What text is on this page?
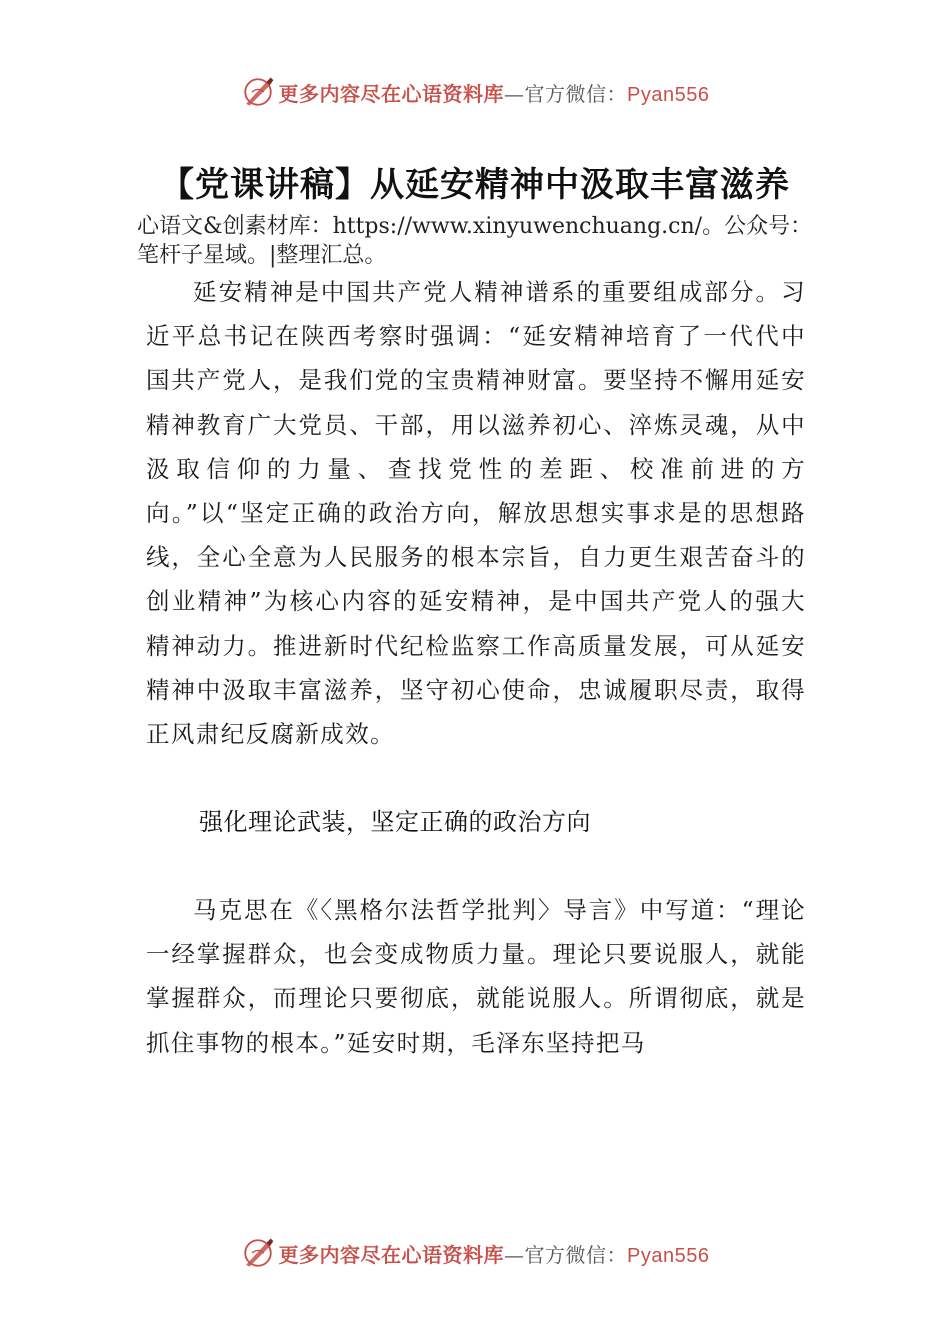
更多内容尽在心语资料库 — 官方微信： Pyan556
【党课讲稿】从延安精神中汲取丰富滋养
心语文&创素材库：https://www.xinyuwenchuang.cn/。公众号：笔杆子星域。|整理汇总。
延安精神是中国共产党人精神谱系的重要组成部分。习近平总书记在陕西考察时强调：“延安精神培育了一代代中国共产党人，是我们党的宝贵精神财富。要坚持不懈用延安精神教育广大党员、干部，用以滋养初心、淬炼灵魂，从中汲取信仰的力量、查找党性的差距、校准前进的方向。”以“坚定正确的政治方向，解放思想实事求是的思想路线，全心全意为人民服务的根本宗旨，自力更生艰苦奋斗的创业精神”为核心内容的延安精神，是中国共产党人的强大精神动力。推进新时代纪检监察工作高质量发展，可从延安精神中汲取丰富滋养，坚守初心使命，忠诚履职尽责，取得正风肃纪反腐新成效。
强化理论武装，坚定正确的政治方向
马克思在《〈黑格尔法哲学批判〉导言》中写道：“理论一经掌握群众，也会变成物质力量。理论只要说服人，就能掌握群众，而理论只要彻底，就能说服人。所谓彻底，就是抓住事物的根本。”延安时期，毛泽东坚持把马
更多内容尽在心语资料库 — 官方微信： Pyan556
